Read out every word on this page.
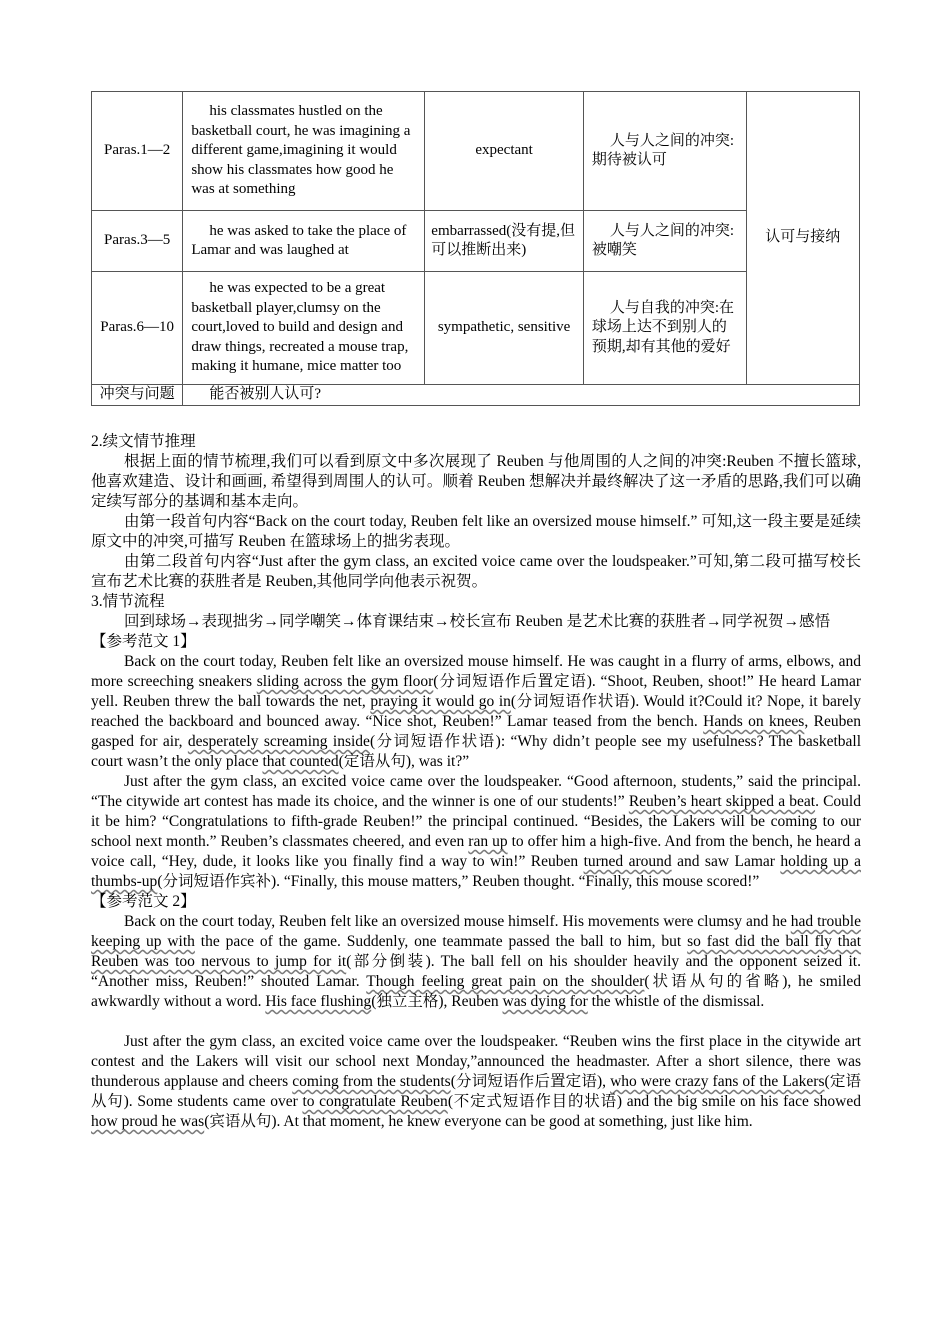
Paras.1—2	his classmates hustled on the basketball court, he was imagining a different game,imagining it would show his classmates how good he was at something	expectant	人与人之间的冲突:期待被认可	认可与接纳
Paras.3—5	he was asked to take the place of Lamar and was laughed at	embarrassed(没有提,但可以推断出来)	人与人之间的冲突:被嘲笑	
Paras.6—10	he was expected to be a great basketball player,clumsy on the court,loved to build and design and draw things, recreated a mouse trap, making it humane, mice matter too	sympathetic, sensitive	人与自我的冲突:在球场上达不到别人的预期,却有其他的爱好	
冲突与问题	能否被别人认可?			

2.续文情节推理

根据上面的情节梳理,我们可以看到原文中多次展现了 Reuben 与他周围的人之间的冲突:Reuben 不擅长篮球,他喜欢建造、设计和画画, 希望得到周围人的认可。顺着 Reuben 想解决并最终解决了这一矛盾的思路,我们可以确定续写部分的基调和基本走向。

由第一段首句内容“Back on the court today, Reuben felt like an oversized mouse himself.” 可知,这一段主要是延续原文中的冲突,可描写 Reuben 在篮球场上的拙劣表现。

由第二段首句内容“Just after the gym class, an excited voice came over the loudspeaker.”可知,第二段可描写校长宣布艺术比赛的获胜者是 Reuben,其他同学向他表示祝贺。

3.情节流程

回到球场→表现拙劣→同学嘲笑→体育课结束→校长宣布 Reuben 是艺术比赛的获胜者→同学祝贺→感悟

【参考范文 1】

Back on the court today, Reuben felt like an oversized mouse himself. He was caught in a flurry of arms, elbows, and more screeching sneakers sliding across the gym floor(分词短语作后置定语). “Shoot, Reuben, shoot!” He heard Lamar yell. Reuben threw the ball towards the net, praying it would go in(分词短语作状语). Would it?Could it? Nope, it barely reached the backboard and bounced away. “Nice shot, Reuben!” Lamar teased from the bench. Hands on knees, Reuben gasped for air, desperately screaming inside(分词短语作状语): “Why didn’t people see my usefulness? The basketball court wasn’t the only place that counted(定语从句), was it?”

Just after the gym class, an excited voice came over the loudspeaker. “Good afternoon, students,” said the principal. “The citywide art contest has made its choice, and the winner is one of our students!” Reuben’s heart skipped a beat. Could it be him? “Congratulations to fifth-grade Reuben!” the principal continued. “Besides, the Lakers will be coming to our school next month.” Reuben’s classmates cheered, and even ran up to offer him a high-five. And from the bench, he heard a voice call, “Hey, dude, it looks like you finally find a way to win!” Reuben turned around and saw Lamar holding up a thumbs-up(分词短语作宾补). “Finally, this mouse matters,” Reuben thought. “Finally, this mouse scored!”

【参考范文 2】

Back on the court today, Reuben felt like an oversized mouse himself. His movements were clumsy and he had trouble keeping up with the pace of the game. Suddenly, one teammate passed the ball to him, but so fast did the ball fly that Reuben was too nervous to jump for it(部分倒装). The ball fell on his shoulder heavily and the opponent seized it. “Another miss, Reuben!” shouted Lamar. Though feeling great pain on the shoulder(状语从句的省略), he smiled awkwardly without a word. His face flushing(独立主格), Reuben was dying for the whistle of the dismissal.

Just after the gym class, an excited voice came over the loudspeaker. “Reuben wins the first place in the citywide art contest and the Lakers will visit our school next Monday,”announced the headmaster. After a short silence, there was thunderous applause and cheers coming from the students(分词短语作后置定语), who were crazy fans of the Lakers(定语从句). Some students came over to congratulate Reuben(不定式短语作目的状语) and the big smile on his face showed how proud he was(宾语从句). At that moment, he knew everyone can be good at something, just like him.
